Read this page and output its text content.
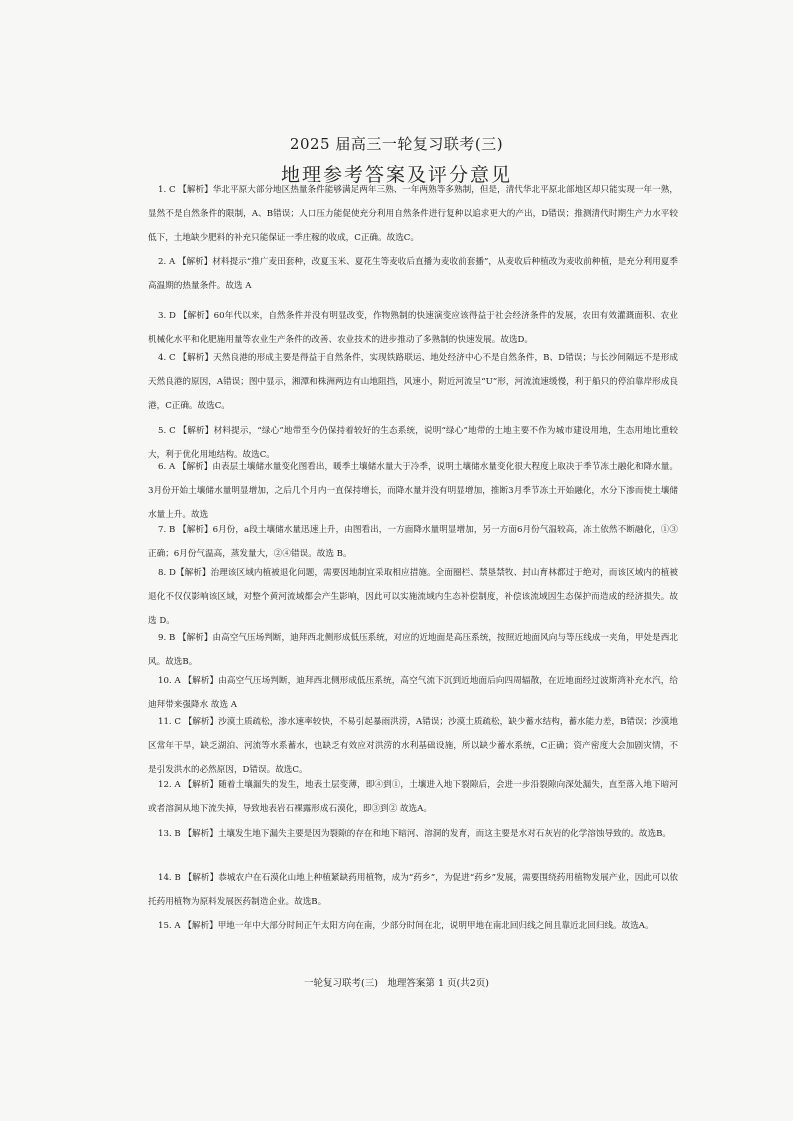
2025 届高三一轮复习联考(三)
地理参考答案及评分意见
1. C 【解析】华北平原大部分地区热量条件能够满足两年三熟、一年两熟等多熟制，但是，清代华北平原北部地区却只能实现一年一熟，显然不是自然条件的限制，A、B错误；人口压力能促使充分利用自然条件进行复种以追求更大的产出，D错误；推测清代时期生产力水平较低下，土地缺少肥料的补充只能保证一季庄稼的收成，C正确。故选C。
2. A 【解析】材料提示“推广麦田套种，改夏玉米、夏花生等麦收后直播为麦收前套播”，从麦收后种植改为麦收前种植，是充分利用夏季高温期的热量条件。故选 A
3. D 【解析】60年代以来，自然条件并没有明显改变，作物熟制的快速演变应该得益于社会经济条件的发展，农田有效灌溉面积、农业机械化水平和化肥施用量等农业生产条件的改善、农业技术的进步推动了多熟制的快速发展。故选D。
4. C 【解析】天然良港的形成主要是得益于自然条件，实现铁路联运、地处经济中心不是自然条件，B、D错误；与长沙间隔远不是形成天然良港的原因，A错误；图中显示，湘潭和株洲两边有山地阻挡，风速小，附近河流呈“U”形，河流流速缓慢，利于船只的停泊靠岸形成良港，C正确。故选C。
5. C 【解析】材料提示，“绿心”地带至今仍保持着较好的生态系统，说明“绿心”地带的土地主要不作为城市建设用地，生态用地比重较大，利于优化用地结构。故选C。
6. A 【解析】由表层土壤储水量变化图看出，暖季土壤储水量大于冷季，说明土壤储水量变化很大程度上取决于季节冻土融化和降水量。3月份开始土壤储水量明显增加，之后几个月内一直保持增长，而降水量并没有明显增加，推断3月季节冻土开始融化，水分下渗而使土壤储水量上升。故选
7. B 【解析】6月份，a段土壤储水量迅速上升，由图看出，一方面降水量明显增加，另一方面6月份气温较高，冻土依然不断融化，①③正确；6月份气温高，蒸发量大，②④错误。故选 B。
8. D【解析】治理该区域内植被退化问题，需要因地制宜采取相应措施。全面圈栏、禁垦禁牧、封山育林都过于绝对，而该区域内的植被退化不仅仅影响该区域，对整个黄河流域都会产生影响，因此可以实施流域内生态补偿制度，补偿该流域因生态保护而造成的经济损失。故选 D。
9. B 【解析】由高空气压场判断，迪拜西北侧形成低压系统，对应的近地面是高压系统，按照近地面风向与等压线成一夹角，甲处是西北风。故选B。
10. A 【解析】由高空气压场判断，迪拜西北侧形成低压系统，高空气流下沉到近地面后向四周辐散，在近地面经过波斯湾补充水汽，给迪拜带来强降水 故选 A
11. C 【解析】沙漠土质疏松，渗水速率较快，不易引起暴雨洪涝，A错误；沙漠土质疏松，缺少蓄水结构，蓄水能力差，B错误；沙漠地区常年干旱，缺乏湖泊、河流等水系蓄水，也缺乏有效应对洪涝的水利基础设施，所以缺少蓄水系统，C正确；资产密度大会加剧灾情，不是引发洪水的必然原因，D错误。故选C。
12. A 【解析】随着土壤漏失的发生，地表土层变薄，即④到①，土壤进入地下裂隙后，会进一步沿裂隙向深处漏失，直至落入地下暗河或者溶洞从地下流失掉，导致地表岩石裸露形成石漠化，即③到② 故选A。
13. B 【解析】土壤发生地下漏失主要是因为裂隙的存在和地下暗河、溶洞的发育，而这主要是水对石灰岩的化学溶蚀导致的。故选B。
14. B 【解析】恭城农户在石漠化山地上种植紧缺药用植物，成为“药乡”，为促进“药乡”发展，需要围绕药用植物发展产业，因此可以依托药用植物为原料发展医药制造企业。故选B。
15. A 【解析】甲地一年中大部分时间正午太阳方向在南，少部分时间在北，说明甲地在南北回归线之间且靠近北回归线。故选A。
一轮复习联考(三)　地理答案第 1 页(共2页)
